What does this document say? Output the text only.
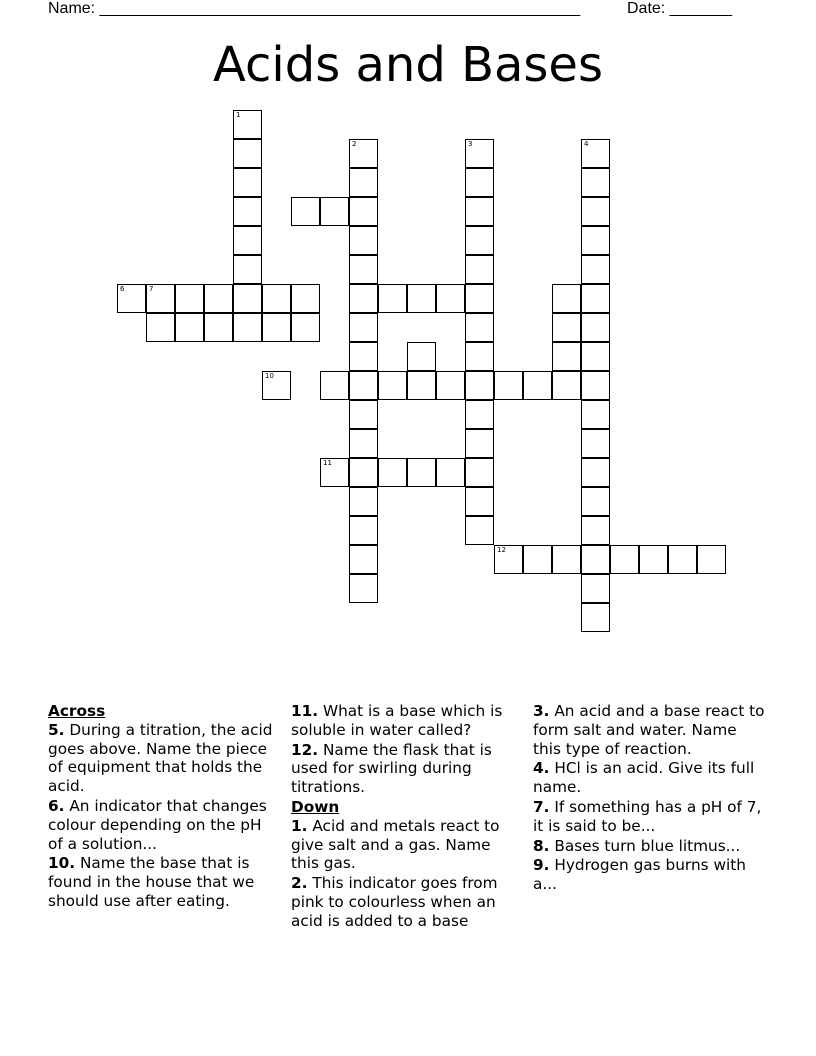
Name: ______________________________________________________	Date: _______
Acids and Bases
1
2	3	4
6	7
10
11
12
Across
5. During a titration, the acid goes above. Name the piece of equipment that holds the acid.
6. An indicator that changes colour depending on the pH of a solution...
10. Name the base that is found in the house that we should use after eating.
11. What is a base which is soluble in water called?
12. Name the flask that is used for swirling during titrations.
Down
1. Acid and metals react to give salt and a gas. Name this gas.
2. This indicator goes from pink to colourless when an acid is added to a base
3. An acid and a base react to form salt and water. Name this type of reaction.
4. HCl is an acid. Give its full name.
7. If something has a pH of 7, it is said to be...
8. Bases turn blue litmus...
9. Hydrogen gas burns with a...
